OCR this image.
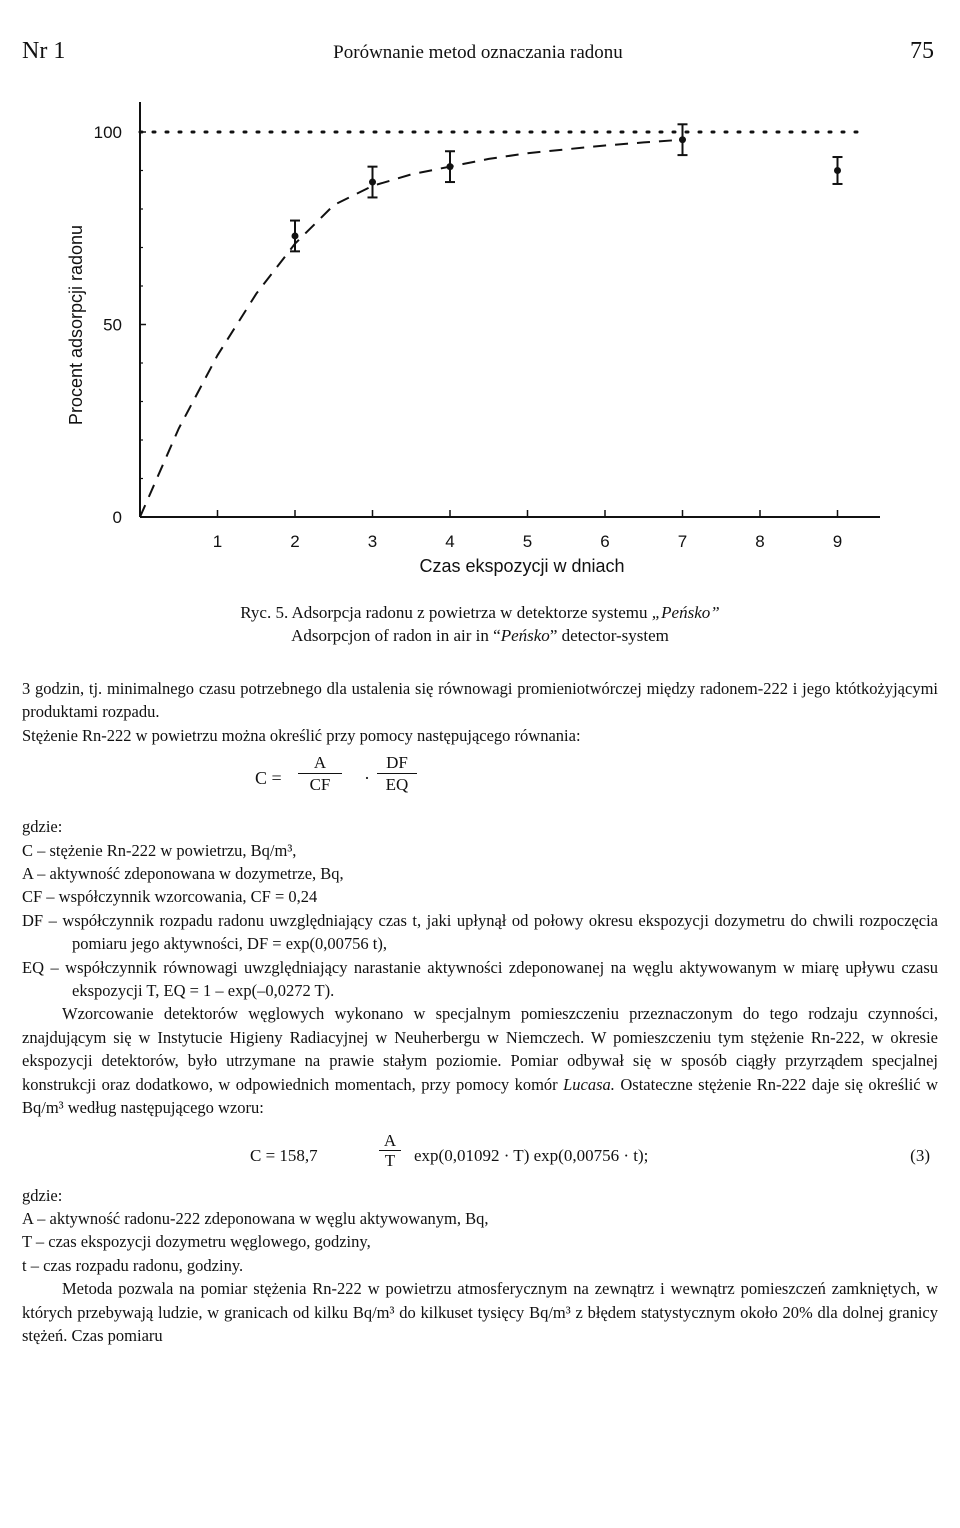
Nr 1	Porównanie metod oznaczania radonu	75
1	2	3	4	5	6	7	8	9
0
50
100
Procent adsorpcji radonu
Czas ekspozycji w dniach
Ryc. 5. Adsorpcja radonu z powietrza w detektorze systemu „Peńsko”
Adsorpcjon of radon in air in “Peńsko” detector-system

3 godzin, tj. minimalnego czasu potrzebnego dla ustalenia się równowagi promieniotwórczej między radonem-222 i jego któtkożyjącymi produktami rozpadu.

Stężenie Rn-222 w powietrzu można określić przy pomocy następującego równania:

$C = \frac{A}{CF} \cdot \frac{DF}{EQ}$

gdzie:

C – stężenie Rn-222 w powietrzu, Bq/m³,
A – aktywność zdeponowana w dozymetrze, Bq,
CF – współczynnik wzorcowania, CF = 0,24
DF – współczynnik rozpadu radonu uwzględniający czas t, jaki upłynął od połowy okresu ekspozycji dozymetru do chwili rozpoczęcia pomiaru jego aktywności, DF = exp(0,00756 t),
EQ – współczynnik równowagi uwzględniający narastanie aktywności zdeponowanej na węglu aktywowanym w miarę upływu czasu ekspozycji T, EQ = 1 – exp(–0,0272 T).

Wzorcowanie detektorów węglowych wykonano w specjalnym pomieszczeniu przeznaczonym do tego rodzaju czynności, znajdującym się w Instytucie Higieny Radiacyjnej w Neuherbergu w Niemczech. W pomieszczeniu tym stężenie Rn-222, w okresie ekspozycji detektorów, było utrzymane na prawie stałym poziomie. Pomiar odbywał się w sposób ciągły przyrządem specjalnej konstrukcji oraz dodatkowo, w odpowiednich momentach, przy pomocy komór Lucasa. Ostateczne stężenie Rn-222 daje się określić w Bq/m³ według następującego wzoru:

C = 158,7	$\frac{A}{T} \exp(0,01092 \cdot T) \exp(0,00756 \cdot t)$;	(3)

gdzie:

A – aktywność radonu-222 zdeponowana w węglu aktywowanym, Bq,
T – czas ekspozycji dozymetru węglowego, godziny,
t – czas rozpadu radonu, godziny.

Metoda pozwala na pomiar stężenia Rn-222 w powietrzu atmosferycznym na zewnątrz i wewnątrz pomieszczeń zamkniętych, w których przebywają ludzie, w granicach od kilku Bq/m³ do kilkuset tysięcy Bq/m³ z błędem statystycznym około 20% dla dolnej granicy stężeń. Czas pomiaru
